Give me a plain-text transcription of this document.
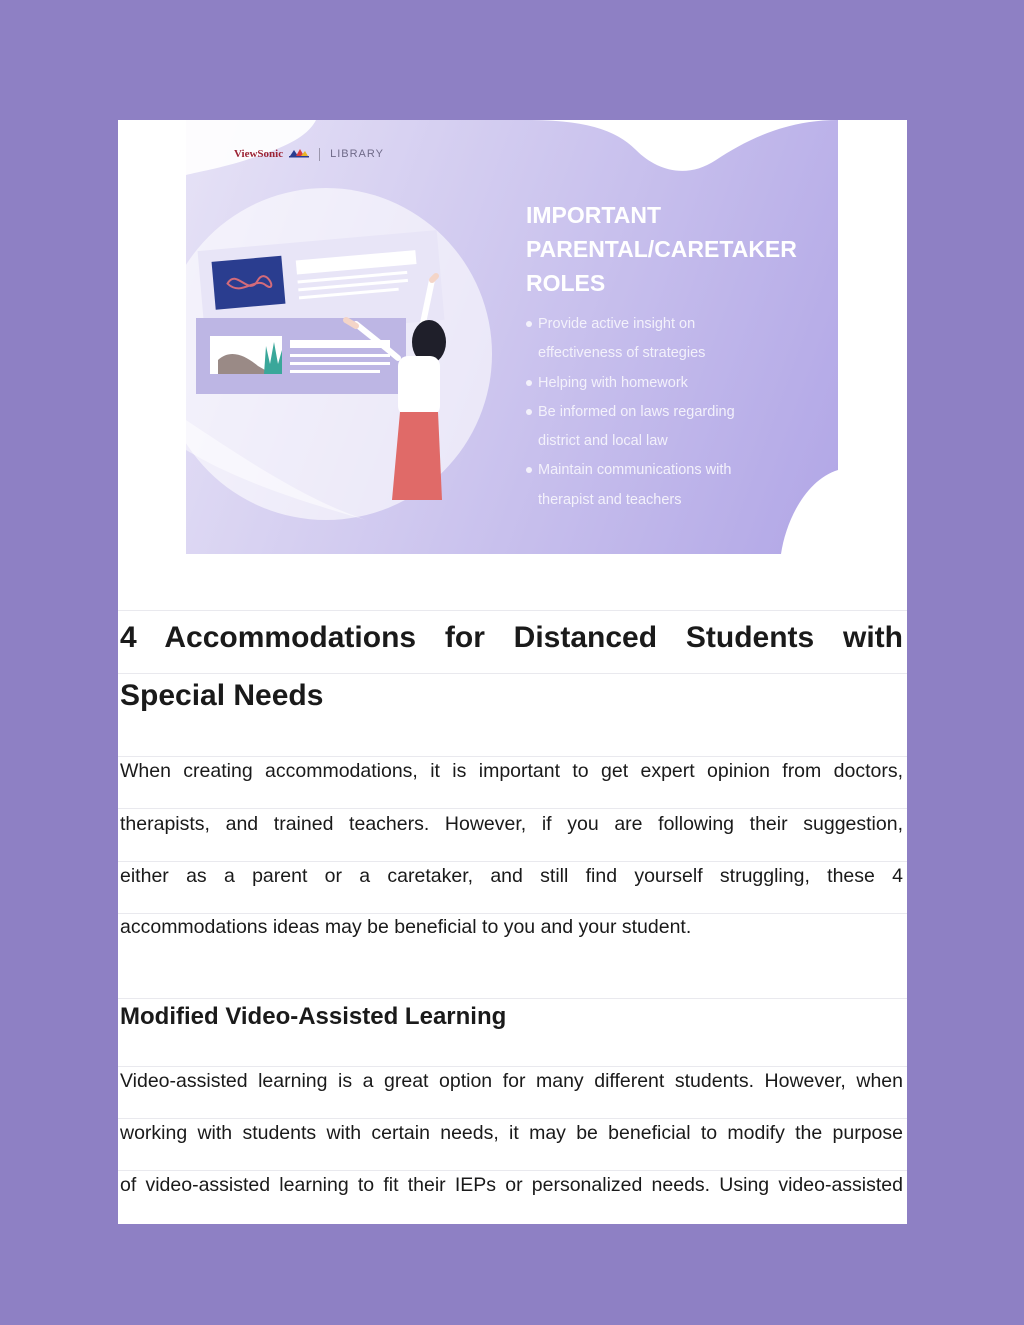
ViewSonic	LIBRARY
IMPORTANT
PARENTAL/CARETAKER
ROLES
Provide active insight on
effectiveness of strategies
Helping with homework
Be informed on laws regarding
district and local law
Maintain communications with
therapist and teachers
4 Accommodations for Distanced Students with
Special Needs
When creating accommodations, it is important to get expert opinion from doctors,
therapists, and trained teachers. However, if you are following their suggestion,
either as a parent or a caretaker, and still find yourself struggling, these 4
accommodations ideas may be beneficial to you and your student.
Modified Video-Assisted Learning
Video-assisted learning is a great option for many different students. However, when
working with students with certain needs, it may be beneficial to modify the purpose
of video-assisted learning to fit their IEPs or personalized needs. Using video-assisted
